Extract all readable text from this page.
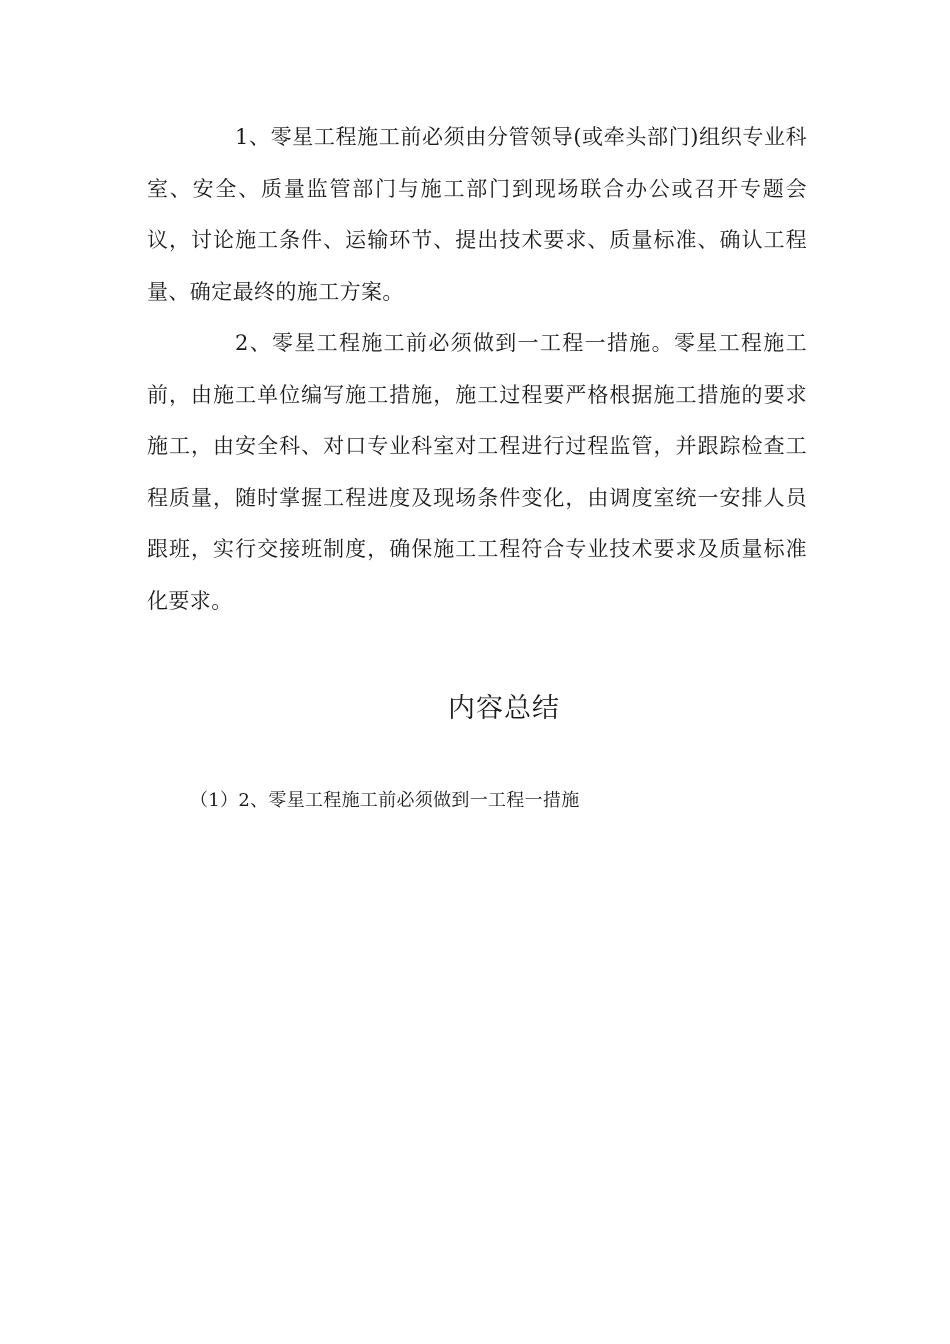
1、零星工程施工前必须由分管领导(或牵头部门)组织专业科室、安全、质量监管部门与施工部门到现场联合办公或召开专题会议，讨论施工条件、运输环节、提出技术要求、质量标准、确认工程量、确定最终的施工方案。

2、零星工程施工前必须做到一工程一措施。零星工程施工前，由施工单位编写施工措施，施工过程要严格根据施工措施的要求施工，由安全科、对口专业科室对工程进行过程监管，并跟踪检查工程质量，随时掌握工程进度及现场条件变化，由调度室统一安排人员跟班，实行交接班制度，确保施工工程符合专业技术要求及质量标准化要求。

内容总结

（1）2、零星工程施工前必须做到一工程一措施
